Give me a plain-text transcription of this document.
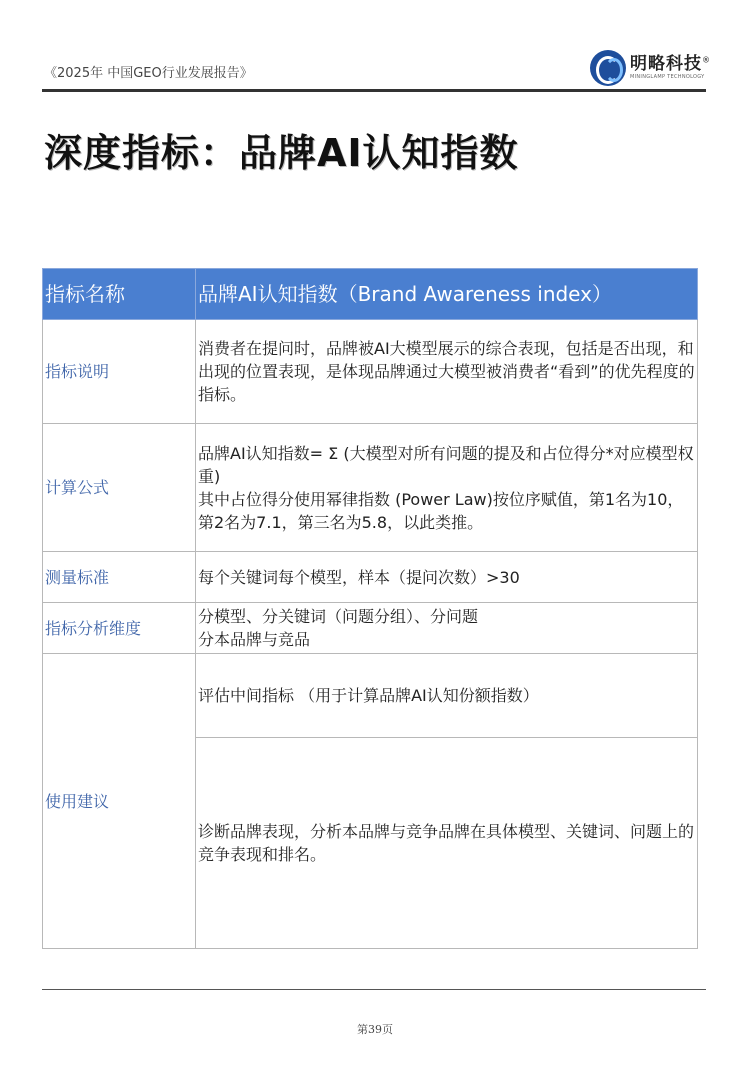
《2025年 中国GEO行业发展报告》	明略科技®
MININGLAMP TECHNOLOGY
深度指标：品牌AI认知指数
指标名称	品牌AI认知指数（Brand Awareness index）
指标说明	消费者在提问时，品牌被AI大模型展示的综合表现，包括是否出现，和出现的位置表现，是体现品牌通过大模型被消费者“看到”的优先程度的指标。
计算公式	品牌AI认知指数= Σ (大模型对所有问题的提及和占位得分*对应模型权重)
其中占位得分使用幂律指数 (Power Law)按位序赋值，第1名为10，第2名为7.1，第三名为5.8，以此类推。

测量标准	每个关键词每个模型，样本（提问次数）>30
指标分析维度	分模型、分关键词（问题分组）、分问题
分本品牌与竞品

使用建议	评估中间指标 （用于计算品牌AI认知份额指数）
	诊断品牌表现，分析本品牌与竞争品牌在具体模型、关键词、问题上的竞争表现和排名。
第39页
